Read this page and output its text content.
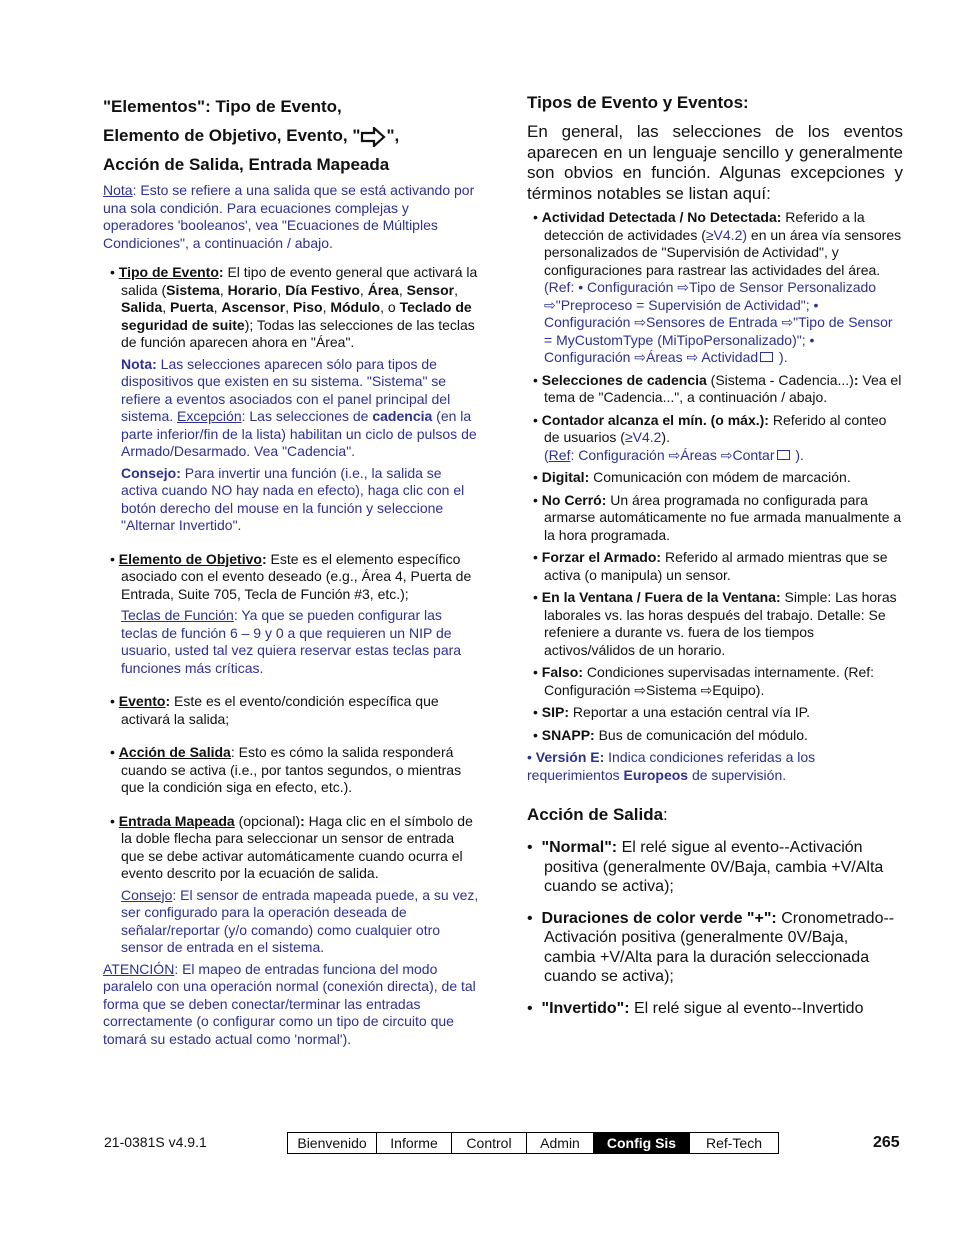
"Elementos": Tipo de Evento,
Elemento de Objetivo, Evento, " ",
Acción de Salida, Entrada Mapeada

Nota: Esto se refiere a una salida que se está activando por una sola condición. Para ecuaciones complejas y operadores 'booleanos', vea "Ecuaciones de Múltiples Condiciones", a continuación / abajo.

• Tipo de Evento: El tipo de evento general que activará la salida (Sistema, Horario, Día Festivo, Área, Sensor, Salida, Puerta, Ascensor, Piso, Módulo, o Teclado de seguridad de suite); Todas las selecciones de las teclas de función aparecen ahora en "Área".

Nota: Las selecciones aparecen sólo para tipos de dispositivos que existen en su sistema. "Sistema" se refiere a eventos asociados con el panel principal del sistema. Excepción: Las selecciones de cadencia (en la parte inferior/fin de la lista) habilitan un ciclo de pulsos de Armado/Desarmado. Vea "Cadencia".

Consejo: Para invertir una función (i.e., la salida se activa cuando NO hay nada en efecto), haga clic con el botón derecho del mouse en la función y seleccione "Alternar Invertido".

• Elemento de Objetivo: Este es el elemento específico asociado con el evento deseado (e.g., Área 4, Puerta de Entrada, Suite 705, Tecla de Función #3, etc.);

Teclas de Función: Ya que se pueden configurar las teclas de función 6 – 9 y 0 a que requieren un NIP de usuario, usted tal vez quiera reservar estas teclas para funciones más críticas.

• Evento: Este es el evento/condición específica que activará la salida;

• Acción de Salida: Esto es cómo la salida responderá cuando se activa (i.e., por tantos segundos, o mientras que la condición siga en efecto, etc.).

• Entrada Mapeada (opcional): Haga clic en el símbolo de la doble flecha para seleccionar un sensor de entrada que se debe activar automáticamente cuando ocurra el evento descrito por la ecuación de salida.

Consejo: El sensor de entrada mapeada puede, a su vez, ser configurado para la operación deseada de señalar/reportar (y/o comando) como cualquier otro sensor de entrada en el sistema.

ATENCIÓN: El mapeo de entradas funciona del modo paralelo con una operación normal (conexión directa), de tal forma que se deben conectar/terminar las entradas correctamente (o configurar como un tipo de circuito que tomará su estado actual como 'normal').

Tipos de Evento y Eventos:

En general, las selecciones de los eventos aparecen en un lenguaje sencillo y generalmente son obvios en función. Algunas excepciones y términos notables se listan aquí:

• Actividad Detectada / No Detectada: Referido a la detección de actividades (≥V4.2) en un área vía sensores personalizados de "Supervisión de Actividad", y configuraciones para rastrear las actividades del área. (Ref: • Configuración ⇨Tipo de Sensor Personalizado ⇨"Preproceso = Supervisión de Actividad"; • Configuración ⇨Sensores de Entrada ⇨"Tipo de Sensor = MyCustomType (MiTipoPersonalizado)"; • Configuración ⇨Áreas ⇨ Actividad ).

• Selecciones de cadencia (Sistema - Cadencia...): Vea el tema de "Cadencia...", a continuación / abajo.

• Contador alcanza el mín. (o máx.): Referido al conteo de usuarios (≥V4.2).
(Ref: Configuración ⇨Áreas ⇨Contar ).

• Digital: Comunicación con módem de marcación.

• No Cerró: Un área programada no configurada para armarse automáticamente no fue armada manualmente a la hora programada.

• Forzar el Armado: Referido al armado mientras que se activa (o manipula) un sensor.

• En la Ventana / Fuera de la Ventana: Simple: Las horas laborales vs. las horas después del trabajo. Detalle: Se refeniere a durante vs. fuera de los tiempos activos/válidos de un horario.

• Falso: Condiciones supervisadas internamente. (Ref: Configuración ⇨Sistema ⇨Equipo).

• SIP: Reportar a una estación central vía IP.

• SNAPP: Bus de comunicación del módulo.

• Versión E: Indica condiciones referidas a los requerimientos Europeos de supervisión.

Acción de Salida:

•  "Normal": El relé sigue al evento--Activación positiva (generalmente 0V/Baja, cambia +V/Alta cuando se activa);

•  Duraciones de color verde "+": Cronometrado--Activación positiva (generalmente 0V/Baja, cambia +V/Alta para la duración seleccionada cuando se activa);

•  "Invertido": El relé sigue al evento--Invertido

21-0381S v4.9.1	Bienvenido	Informe	Control	Admin	Config Sis	Ref-Tech	265
